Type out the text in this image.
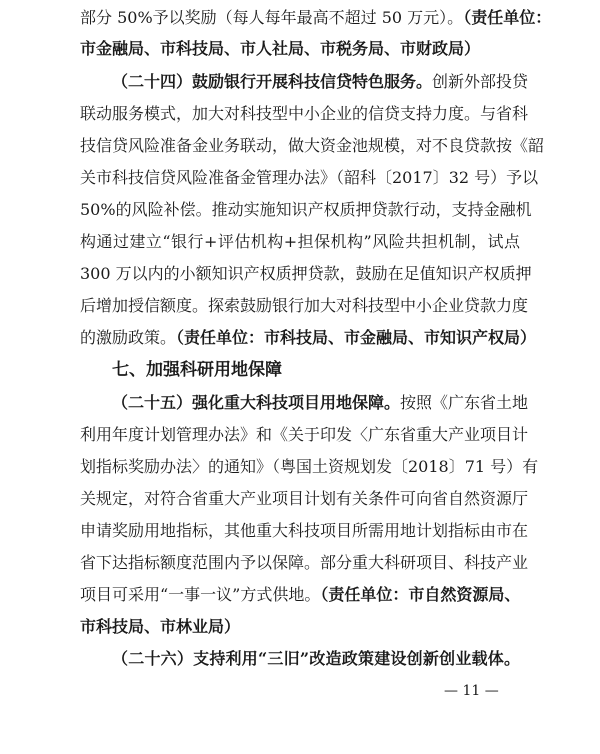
部分 50%予以奖励（每人每年最高不超过 50 万元）。（责任单位：
市金融局、市科技局、市人社局、市税务局、市财政局）
（二十四）鼓励银行开展科技信贷特色服务。创新外部投贷
联动服务模式，加大对科技型中小企业的信贷支持力度。与省科
技信贷风险准备金业务联动，做大资金池规模，对不良贷款按《韶
关市科技信贷风险准备金管理办法》（韶科〔2017〕32 号）予以
50%的风险补偿。推动实施知识产权质押贷款行动，支持金融机
构通过建立“银行+评估机构+担保机构”风险共担机制，试点
300 万以内的小额知识产权质押贷款，鼓励在足值知识产权质押
后增加授信额度。探索鼓励银行加大对科技型中小企业贷款力度
的激励政策。（责任单位：市科技局、市金融局、市知识产权局）
七、加强科研用地保障
（二十五）强化重大科技项目用地保障。按照《广东省土地
利用年度计划管理办法》和《关于印发〈广东省重大产业项目计
划指标奖励办法〉的通知》（粤国土资规划发〔2018〕71 号）有
关规定，对符合省重大产业项目计划有关条件可向省自然资源厅
申请奖励用地指标，其他重大科技项目所需用地计划指标由市在
省下达指标额度范围内予以保障。部分重大科研项目、科技产业
项目可采用“一事一议”方式供地。（责任单位：市自然资源局、
市科技局、市林业局）
（二十六）支持利用“三旧”改造政策建设创新创业载体。
— 11 —
